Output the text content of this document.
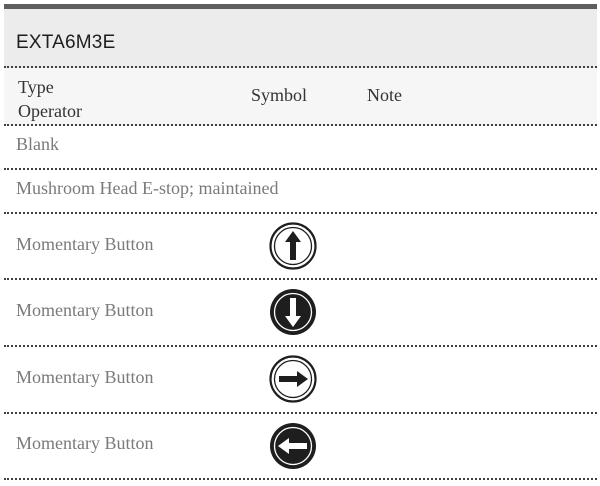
EXTA6M3E
Type
Operator
Symbol	Note
Blank
Mushroom Head E-stop; maintained
Momentary Button
Momentary Button
Momentary Button
Momentary Button
